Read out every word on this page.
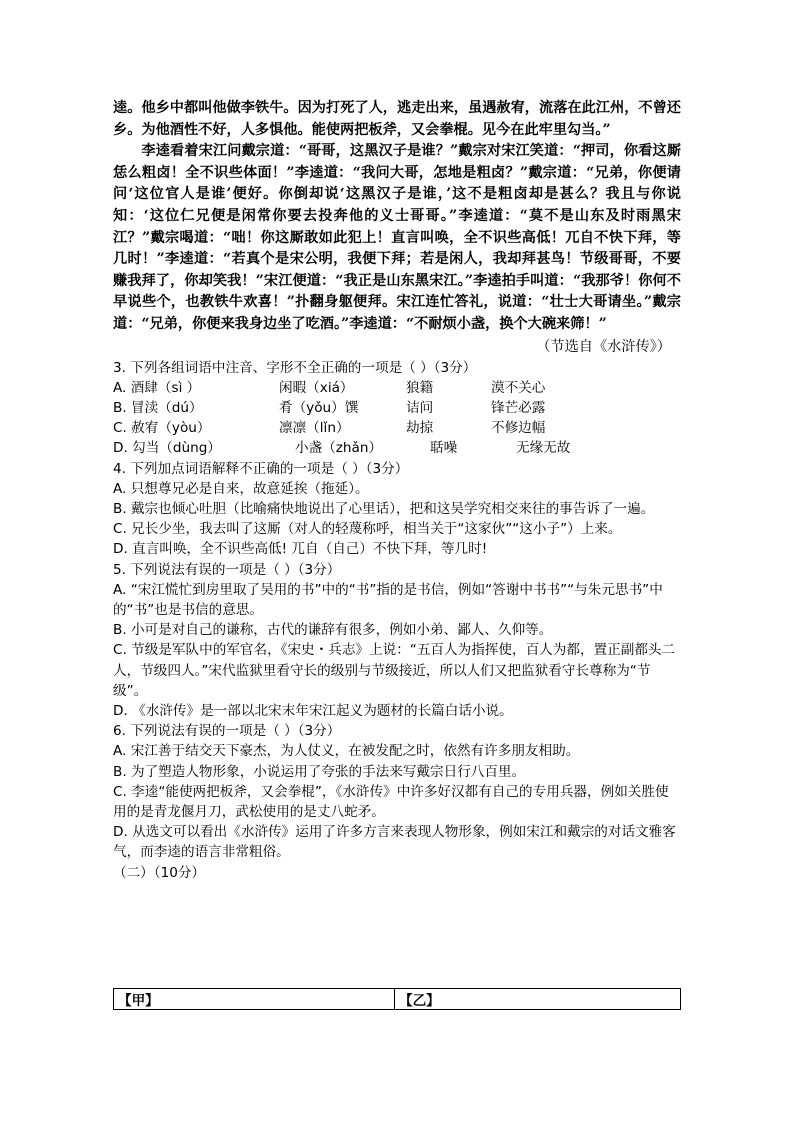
逵。他乡中都叫他做李铁牛。因为打死了人，逃走出来，虽遇赦宥，流落在此江州，不曾还乡。为他酒性不好，人多惧他。能使两把板斧，又会拳棍。见今在此牢里勾当。”

李逵看着宋江问戴宗道：“哥哥，这黑汉子是谁？”戴宗对宋江笑道：“押司，你看这厮恁么粗卤！全不识些体面！”李逵道：“我问大哥，怎地是粗卤？”戴宗道：“兄弟，你便请问‘这位官人是谁’便好。你倒却说‘这黑汉子是谁，’这不是粗卤却是甚么？我且与你说知：‘这位仁兄便是闲常你要去投奔他的义士哥哥。”李逵道：“莫不是山东及时雨黑宋江？”戴宗喝道：“咄！你这厮敢如此犯上！直言叫唤，全不识些高低！兀自不快下拜，等几时！”李逵道：“若真个是宋公明，我便下拜；若是闲人，我却拜甚鸟！节级哥哥，不要赚我拜了，你却笑我！”宋江便道：“我正是山东黑宋江。”李逵拍手叫道：“我那爷！你何不早说些个，也教铁牛欢喜！”扑翻身躯便拜。宋江连忙答礼，说道：“壮士大哥请坐。”戴宗道：“兄弟，你便来我身边坐了吃酒。”李逵道：“不耐烦小盏，换个大碗来筛！”

（节选自《水浒传》）

3. 下列各组词语中注音、字形不全正确的一项是（ ）（3分）

A. 酒肆（sì ）	闲暇（xiá）	狼籍	漠不关心
B. 冒渎（dú）	肴（yǒu）馔	诘问	锋芒必露
C. 赦宥（yòu）	凛凛（lǐn）	劫掠	不修边幅
D. 勾当（dùng）	小盏（zhǎn）	聒噪	无缘无故

4. 下列加点词语解释不正确的一项是（ ）（3分）

A. 只想尊兄必是自来，故意延挨（拖延）。

B. 戴宗也倾心吐胆（比喻痛快地说出了心里话），把和这吴学究相交来往的事告诉了一遍。

C. 兄长少坐，我去叫了这厮（对人的轻蔑称呼，相当关于“这家伙”“这小子”）上来。

D. 直言叫唤，全不识些高低! 兀自（自己）不快下拜，等几时!

5. 下列说法有误的一项是（ ）（3分）

A. “宋江慌忙到房里取了吴用的书”中的“书”指的是书信，例如“答谢中书书”“与朱元思书”中的“书”也是书信的意思。

B. 小可是对自己的谦称，古代的谦辞有很多，例如小弟、鄙人、久仰等。

C. 节级是军队中的军官名，《宋史・兵志》上说：“五百人为指挥使，百人为都，置正副都头二人，节级四人。”宋代监狱里看守长的级别与节级接近，所以人们又把监狱看守长尊称为“节级”。

D. 《水浒传》是一部以北宋末年宋江起义为题材的长篇白话小说。

6. 下列说法有误的一项是（ ）（3分）

A. 宋江善于结交天下豪杰，为人仗义，在被发配之时，依然有许多朋友相助。

B. 为了塑造人物形象，小说运用了夸张的手法来写戴宗日行八百里。

C. 李逵“能使两把板斧，又会拳棍”，《水浒传》中许多好汉都有自己的专用兵器，例如关胜使用的是青龙偃月刀，武松使用的是丈八蛇矛。

D. 从选文可以看出《水浒传》运用了许多方言来表现人物形象，例如宋江和戴宗的对话文雅客气，而李逵的语言非常粗俗。

（二）（10分）

【甲】	【乙】
